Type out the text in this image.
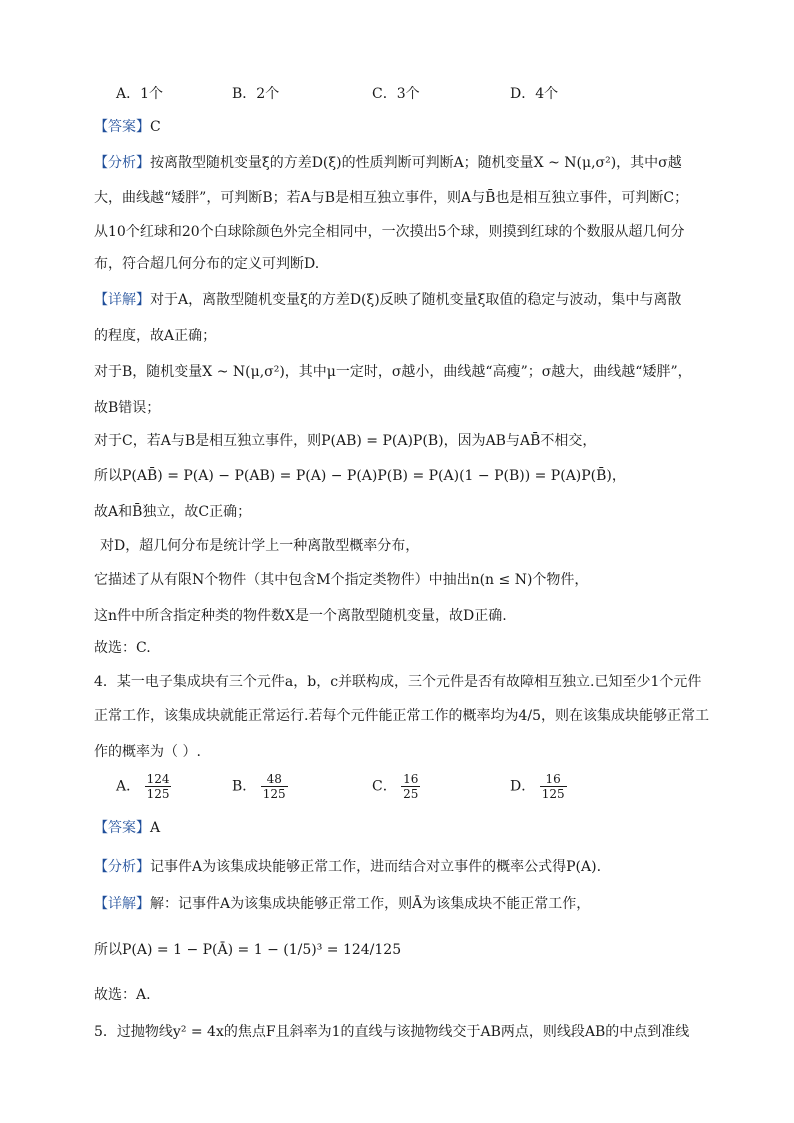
A．1个	B．2个	C．3个	D．4个
【答案】C
【分析】按离散型随机变量ξ的方差D(ξ)的性质判断可判断A；随机变量X ~ N(μ,σ²)，其中σ越
大，曲线越“矮胖”，可判断B；若A与B是相互独立事件，则A与B̄也是相互独立事件，可判断C；
从10个红球和20个白球除颜色外完全相同中，一次摸出5个球，则摸到红球的个数服从超几何分
布，符合超几何分布的定义可判断D.
【详解】对于A，离散型随机变量ξ的方差D(ξ)反映了随机变量ξ取值的稳定与波动，集中与离散
的程度，故A正确；
对于B，随机变量X ~ N(μ,σ²)，其中μ一定时，σ越小，曲线越“高瘦”；σ越大，曲线越“矮胖”，
故B错误；
对于C，若A与B是相互独立事件，则P(AB) = P(A)P(B)，因为AB与AB̄不相交，
所以P(AB̄) = P(A) − P(AB) = P(A) − P(A)P(B) = P(A)(1 − P(B)) = P(A)P(B̄)，
故A和B̄独立，故C正确；
对D，超几何分布是统计学上一种离散型概率分布，
它描述了从有限N个物件（其中包含M个指定类物件）中抽出n(n ≤ N)个物件，
这n件中所含指定种类的物件数X是一个离散型随机变量，故D正确.
故选：C.
4．某一电子集成块有三个元件a，b，c并联构成，三个元件是否有故障相互独立.已知至少1个元件
正常工作，该集成块就能正常运行.若每个元件能正常工作的概率均为4/5，则在该集成块能够正常工
作的概率为（ ）.
A． $\frac{124}{125}$	B． $\frac{48}{125}$	C． $\frac{16}{25}$	D． $\frac{16}{125}$
【答案】A
【分析】记事件A为该集成块能够正常工作，进而结合对立事件的概率公式得P(A).
【详解】解：记事件A为该集成块能够正常工作，则Ā为该集成块不能正常工作，
所以P(A) = 1 − P(Ā) = 1 − (1/5)³ = 124/125
故选：A.
5．过抛物线y² = 4x的焦点F且斜率为1的直线与该抛物线交于AB两点，则线段AB的中点到准线
